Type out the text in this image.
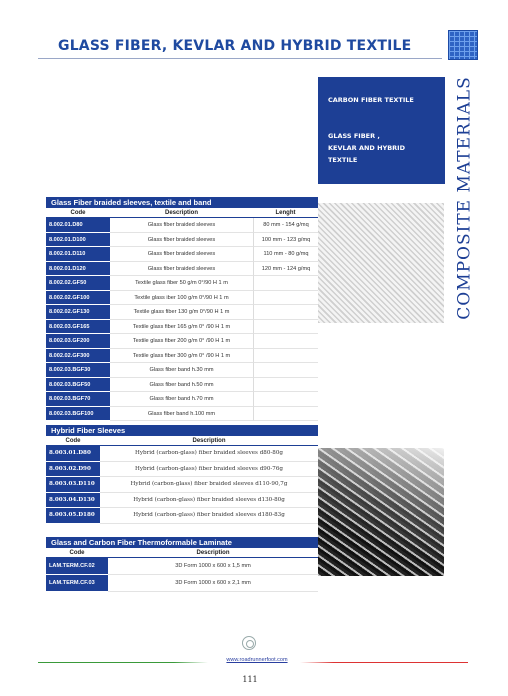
GLASS FIBER, KEVLAR AND HYBRID TEXTILE
CARBON FIBER TEXTILE
GLASS FIBER ,
KEVLAR AND HYBRID
TEXTILE	COMPOSITE MATERIALS
Glass Fiber braided sleeves, textile and band
Code	Description	Lenght
8.002.01.D80	Glass fiber braided sleeves	80 mm - 154 g/mq
8.002.01.D100	Glass fiber braided sleeves	100 mm - 123 g/mq
8.002.01.D110	Glass fiber braided sleeves	110 mm - 80 g/mq
8.002.01.D120	Glass fiber braided sleeves	120 mm - 124 g/mq
8.002.02.GF50	Textile glass fiber 50 g/m 0°/90 H 1 m
8.002.02.GF100	Textile glass iber 100 g/m 0°/90 H 1 m
8.002.02.GF130	Textile glass fiber 130 g/m 0°/90 H 1 m
8.002.03.GF165	Textile glass fiber 165 g/m 0° /90 H 1 m
8.002.03.GF200	Textile glass fiber 200 g/m 0° /90 H 1 m
8.002.02.GF300	Textile glass fiber 300 g/m 0° /90 H 1 m
8.002.03.BGF30	Glass fiber band h.30 mm
8.002.03.BGF50	Glass fiber band h.50 mm
8.002.03.BGF70	Glass fiber band h.70 mm
8.002.03.BGF100	Glass fiber band h.100 mm
Hybrid Fiber Sleeves
Code	Description
8.003.01.D80	Hybrid (carbon-glass) fiber braided sleeves d80-80g
8.003.02.D90	Hybrid (carbon-glass) fiber braided sleeves d90-76g
8.003.03.D110	Hybrid (carbon-glass) fiber braided sleeves d110-90,7g
8.003.04.D130	Hybrid (carbon-glass) fiber braided sleeves d130-80g
8.003.05.D180	Hybrid (carbon-glass) fiber braided sleeves d180-83g
Glass and Carbon Fiber Thermoformable Laminate
Code	Description
LAM.TERM.CF.02	3D Form 1000 x 600 x 1,5 mm
LAM.TERM.CF.03	3D Form 1000 x 600 x 2,1 mm
www.roadrunnerfoot.com
111
